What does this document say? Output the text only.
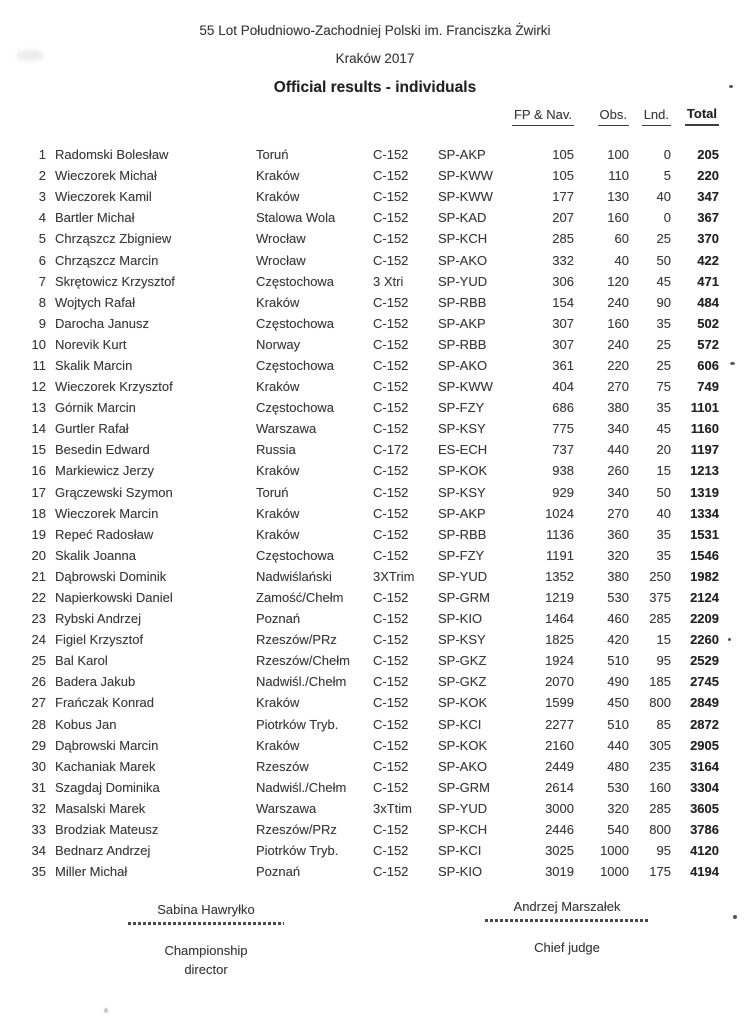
55 Lot Południowo-Zachodniej Polski im. Franciszka Żwirki
Kraków 2017
Official results - individuals
FP & Nav.	Obs.	Lnd.	Total
1 Radomski Bolesław	Toruń	C-152	SP-AKP	105	100	0	205
2 Wieczorek Michał	Kraków	C-152	SP-KWW	105	110	5	220
3 Wieczorek Kamil	Kraków	C-152	SP-KWW	177	130	40	347
4 Bartler Michał	Stalowa Wola	C-152	SP-KAD	207	160	0	367
5 Chrząszcz Zbigniew	Wrocław	C-152	SP-KCH	285	60	25	370
6 Chrząszcz Marcin	Wrocław	C-152	SP-AKO	332	40	50	422
7 Skrętowicz Krzysztof	Częstochowa	3 Xtri	SP-YUD	306	120	45	471
8 Wojtych Rafał	Kraków	C-152	SP-RBB	154	240	90	484
9 Darocha Janusz	Częstochowa	C-152	SP-AKP	307	160	35	502
10 Norevik Kurt	Norway	C-152	SP-RBB	307	240	25	572
11 Skalik Marcin	Częstochowa	C-152	SP-AKO	361	220	25	606
12 Wieczorek Krzysztof	Kraków	C-152	SP-KWW	404	270	75	749
13 Górnik Marcin	Częstochowa	C-152	SP-FZY	686	380	35	1101
14 Gurtler Rafał	Warszawa	C-152	SP-KSY	775	340	45	1160
15 Besedin Edward	Russia	C-172	ES-ECH	737	440	20	1197
16 Markiewicz Jerzy	Kraków	C-152	SP-KOK	938	260	15	1213
17 Grączewski Szymon	Toruń	C-152	SP-KSY	929	340	50	1319
18 Wieczorek Marcin	Kraków	C-152	SP-AKP	1024	270	40	1334
19 Repeć Radosław	Kraków	C-152	SP-RBB	1136	360	35	1531
20 Skalik Joanna	Częstochowa	C-152	SP-FZY	1191	320	35	1546
21 Dąbrowski Dominik	Nadwiślański	3XTrim	SP-YUD	1352	380	250	1982
22 Napierkowski Daniel	Zamość/Chełm	C-152	SP-GRM	1219	530	375	2124
23 Rybski Andrzej	Poznań	C-152	SP-KIO	1464	460	285	2209
24 Figiel Krzysztof	Rzeszów/PRz	C-152	SP-KSY	1825	420	15	2260
25 Bal Karol	Rzeszów/Chełm	C-152	SP-GKZ	1924	510	95	2529
26 Badera Jakub	Nadwiśl./Chełm	C-152	SP-GKZ	2070	490	185	2745
27 Frańczak Konrad	Kraków	C-152	SP-KOK	1599	450	800	2849
28 Kobus Jan	Piotrków Tryb.	C-152	SP-KCI	2277	510	85	2872
29 Dąbrowski Marcin	Kraków	C-152	SP-KOK	2160	440	305	2905
30 Kachaniak Marek	Rzeszów	C-152	SP-AKO	2449	480	235	3164
31 Szagdaj Dominika	Nadwiśl./Chełm	C-152	SP-GRM	2614	530	160	3304
32 Masalski Marek	Warszawa	3xTtim	SP-YUD	3000	320	285	3605
33 Brodziak Mateusz	Rzeszów/PRz	C-152	SP-KCH	2446	540	800	3786
34 Bednarz Andrzej	Piotrków Tryb.	C-152	SP-KCI	3025	1000	95	4120
35 Miller Michał	Poznań	C-152	SP-KIO	3019	1000	175	4194
Sabina Hawryłko
Championship
director
Andrzej Marszałek
Chief judge
